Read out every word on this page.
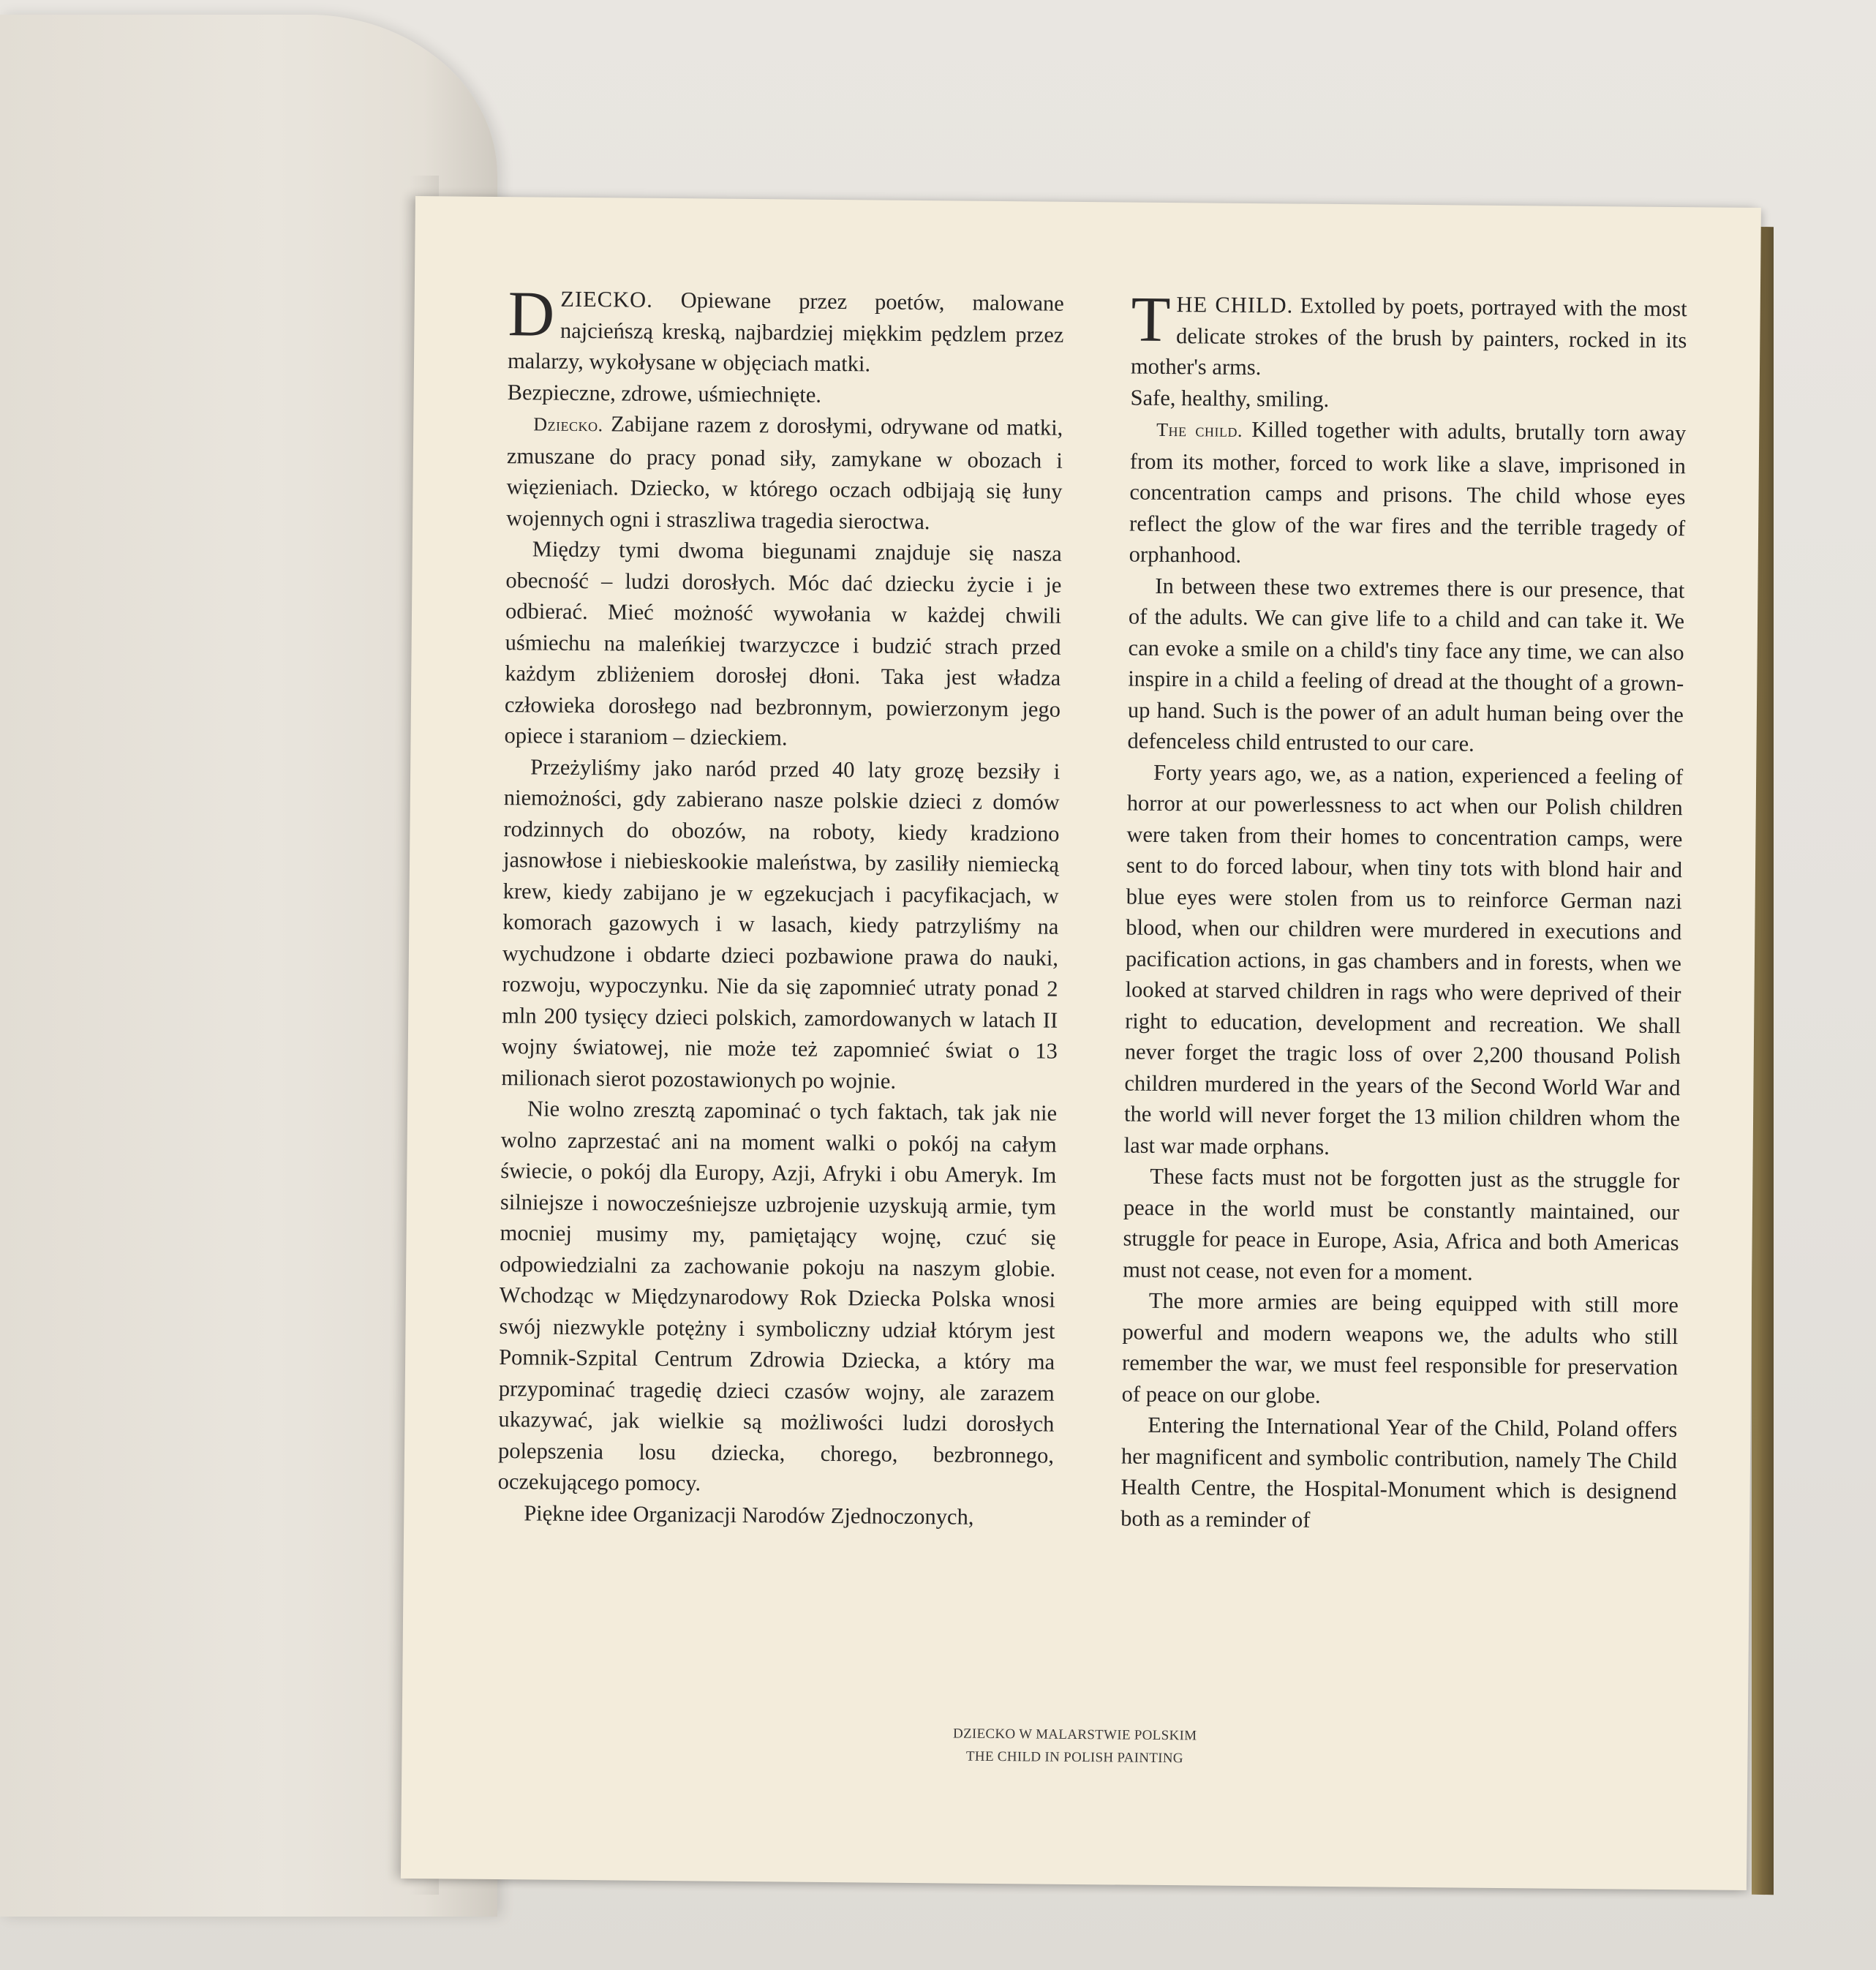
DZIECKO. Opiewane przez poetów, malowane najcieńszą kreską, najbardziej miękkim pędzlem przez malarzy, wykołysane w objęciach matki.

Bezpieczne, zdrowe, uśmiechnięte.

Dziecko. Zabijane razem z dorosłymi, odrywane od matki, zmuszane do pracy ponad siły, zamykane w obozach i więzieniach. Dziecko, w którego oczach odbijają się łuny wojennych ogni i straszliwa tragedia sieroctwa.

Między tymi dwoma biegunami znajduje się nasza obecność – ludzi dorosłych. Móc dać dziecku życie i je odbierać. Mieć możność wywołania w każdej chwili uśmiechu na maleńkiej twarzyczce i budzić strach przed każdym zbliżeniem dorosłej dłoni. Taka jest władza człowieka dorosłego nad bezbronnym, powierzonym jego opiece i staraniom – dzieckiem.

Przeżyliśmy jako naród przed 40 laty grozę bezsiły i niemożności, gdy zabierano nasze polskie dzieci z domów rodzinnych do obozów, na roboty, kiedy kradziono jasnowłose i niebieskookie maleństwa, by zasiliły niemiecką krew, kiedy zabijano je w egzekucjach i pacyfikacjach, w komorach gazowych i w lasach, kiedy patrzyliśmy na wychudzone i obdarte dzieci pozbawione prawa do nauki, rozwoju, wypoczynku. Nie da się zapomnieć utraty ponad 2 mln 200 tysięcy dzieci polskich, zamordowanych w latach II wojny światowej, nie może też zapomnieć świat o 13 milionach sierot pozostawionych po wojnie.

Nie wolno zresztą zapominać o tych faktach, tak jak nie wolno zaprzestać ani na moment walki o pokój na całym świecie, o pokój dla Europy, Azji, Afryki i obu Ameryk. Im silniejsze i nowocześniejsze uzbrojenie uzyskują armie, tym mocniej musimy my, pamiętający wojnę, czuć się odpowiedzialni za zachowanie pokoju na naszym globie. Wchodząc w Międzynarodowy Rok Dziecka Polska wnosi swój niezwykle potężny i symboliczny udział którym jest Pomnik-Szpital Centrum Zdrowia Dziecka, a który ma przypominać tragedię dzieci czasów wojny, ale zarazem ukazywać, jak wielkie są możliwości ludzi dorosłych polepszenia losu dziecka, chorego, bezbronnego, oczekującego pomocy.

Piękne idee Organizacji Narodów Zjednoczonych,

THE CHILD. Extolled by poets, portrayed with the most delicate strokes of the brush by painters, rocked in its mother's arms.

Safe, healthy, smiling.

The child. Killed together with adults, brutally torn away from its mother, forced to work like a slave, imprisoned in concentration camps and prisons. The child whose eyes reflect the glow of the war fires and the terrible tragedy of orphanhood.

In between these two extremes there is our presence, that of the adults. We can give life to a child and can take it. We can evoke a smile on a child's tiny face any time, we can also inspire in a child a feeling of dread at the thought of a grown-up hand. Such is the power of an adult human being over the defenceless child entrusted to our care.

Forty years ago, we, as a nation, experienced a feeling of horror at our powerlessness to act when our Polish children were taken from their homes to concentration camps, were sent to do forced labour, when tiny tots with blond hair and blue eyes were stolen from us to reinforce German nazi blood, when our children were murdered in executions and pacification actions, in gas chambers and in forests, when we looked at starved children in rags who were deprived of their right to education, development and recreation. We shall never forget the tragic loss of over 2,200 thousand Polish children murdered in the years of the Second World War and the world will never forget the 13 milion children whom the last war made orphans.

These facts must not be forgotten just as the struggle for peace in the world must be constantly maintained, our struggle for peace in Europe, Asia, Africa and both Americas must not cease, not even for a moment.

The more armies are being equipped with still more powerful and modern weapons we, the adults who still remember the war, we must feel responsible for preservation of peace on our globe.

Entering the International Year of the Child, Poland offers her magnificent and symbolic contribution, namely The Child Health Centre, the Hospital-Monument which is designend both as a reminder of

DZIECKO W MALARSTWIE POLSKIM
THE CHILD IN POLISH PAINTING
